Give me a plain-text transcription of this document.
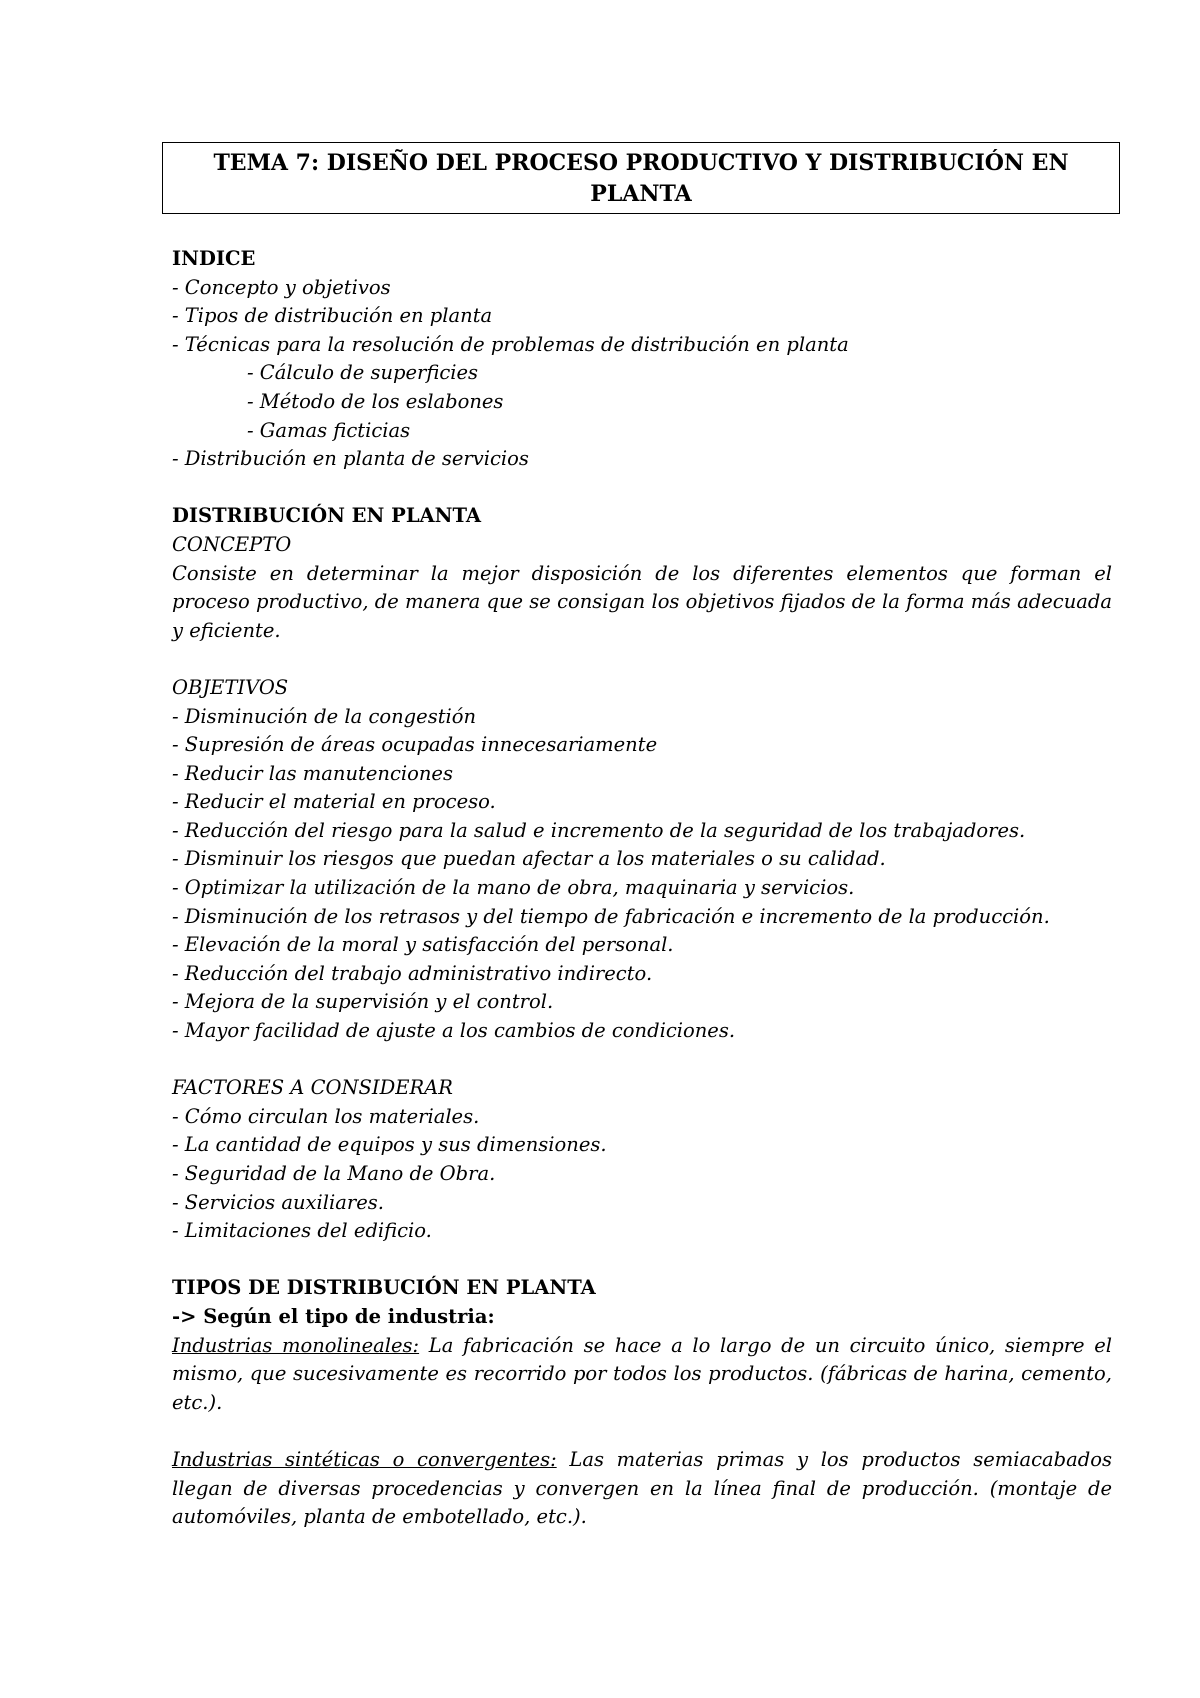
TEMA 7: DISEÑO DEL PROCESO PRODUCTIVO Y DISTRIBUCIÓN EN
PLANTA
INDICE
- Concepto y objetivos
- Tipos de distribución en planta
- Técnicas para la resolución de problemas de distribución en planta
- Cálculo de superficies
- Método de los eslabones
- Gamas ficticias
- Distribución en planta de servicios
DISTRIBUCIÓN EN PLANTA
CONCEPTO
Consiste en determinar la mejor disposición de los diferentes elementos que forman el proceso productivo, de manera que se consigan los objetivos fijados de la forma más adecuada y eficiente.
OBJETIVOS
- Disminución de la congestión
- Supresión de áreas ocupadas innecesariamente
- Reducir las manutenciones
- Reducir el material en proceso.
- Reducción del riesgo para la salud e incremento de la seguridad de los trabajadores.
- Disminuir los riesgos que puedan afectar a los materiales o su calidad.
- Optimizar la utilización de la mano de obra, maquinaria y servicios.
- Disminución de los retrasos y del tiempo de fabricación e incremento de la producción.
- Elevación de la moral y satisfacción del personal.
- Reducción del trabajo administrativo indirecto.
- Mejora de la supervisión y el control.
- Mayor facilidad de ajuste a los cambios de condiciones.
FACTORES A CONSIDERAR
- Cómo circulan los materiales.
- La cantidad de equipos y sus dimensiones.
- Seguridad de la Mano de Obra.
- Servicios auxiliares.
- Limitaciones del edificio.
TIPOS DE DISTRIBUCIÓN EN PLANTA
-> Según el tipo de industria:
Industrias monolineales: La fabricación se hace a lo largo de un circuito único, siempre el mismo, que sucesivamente es recorrido por todos los productos. (fábricas de harina, cemento, etc.).
Industrias sintéticas o convergentes: Las materias primas y los productos semiacabados llegan de diversas procedencias y convergen en la línea final de producción. (montaje de automóviles, planta de embotellado, etc.).
